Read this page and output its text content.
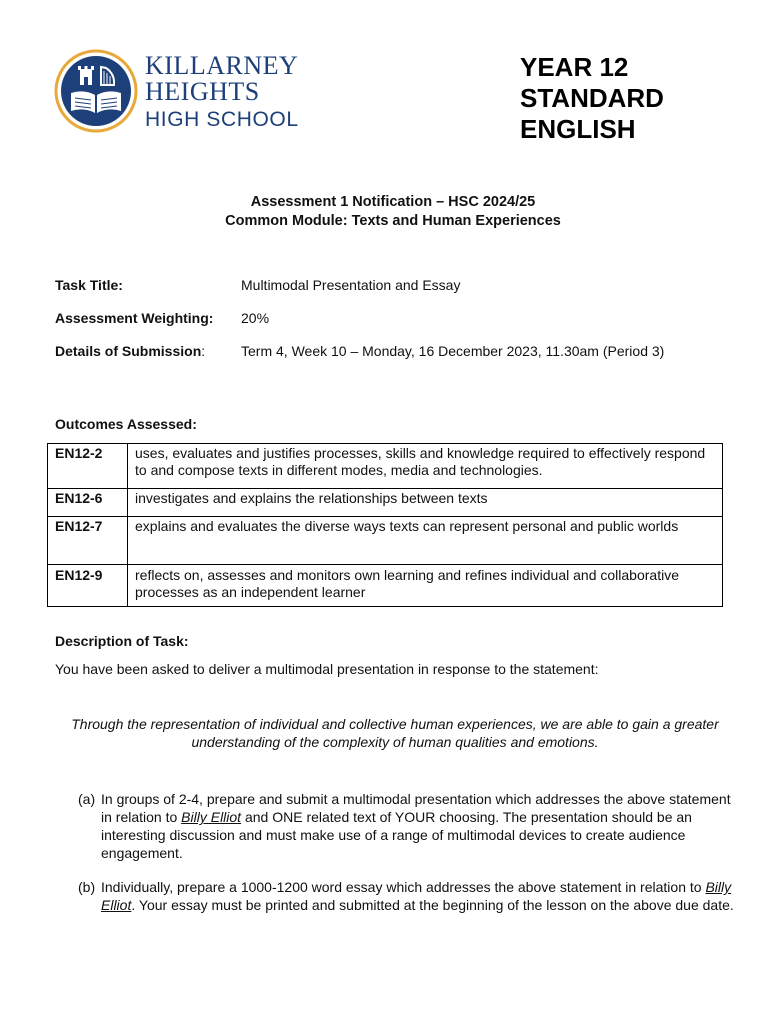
KILLARNEY
HEIGHTS
HIGH SCHOOL
YEAR 12
STANDARD
ENGLISH
Assessment 1 Notification – HSC 2024/25
Common Module: Texts and Human Experiences
Task Title:	Multimodal Presentation and Essay
Assessment Weighting: 20%
Details of Submission:	Term 4, Week 10 – Monday, 16 December 2023, 11.30am (Period 3)
Outcomes Assessed:
EN12-2	uses, evaluates and justifies processes, skills and knowledge required to effectively respond to and compose texts in different modes, media and technologies.
EN12-6	investigates and explains the relationships between texts
EN12-7	explains and evaluates the diverse ways texts can represent personal and public worlds
EN12-9	reflects on, assesses and monitors own learning and refines individual and collaborative processes as an independent learner
Description of Task:
You have been asked to deliver a multimodal presentation in response to the statement:
Through the representation of individual and collective human experiences, we are able to gain a greater understanding of the complexity of human qualities and emotions.
(a) In groups of 2-4, prepare and submit a multimodal presentation which addresses the above statement in relation to Billy Elliot and ONE related text of YOUR choosing. The presentation should be an interesting discussion and must make use of a range of multimodal devices to create audience engagement.
(b) Individually, prepare a 1000-1200 word essay which addresses the above statement in relation to Billy Elliot. Your essay must be printed and submitted at the beginning of the lesson on the above due date.
